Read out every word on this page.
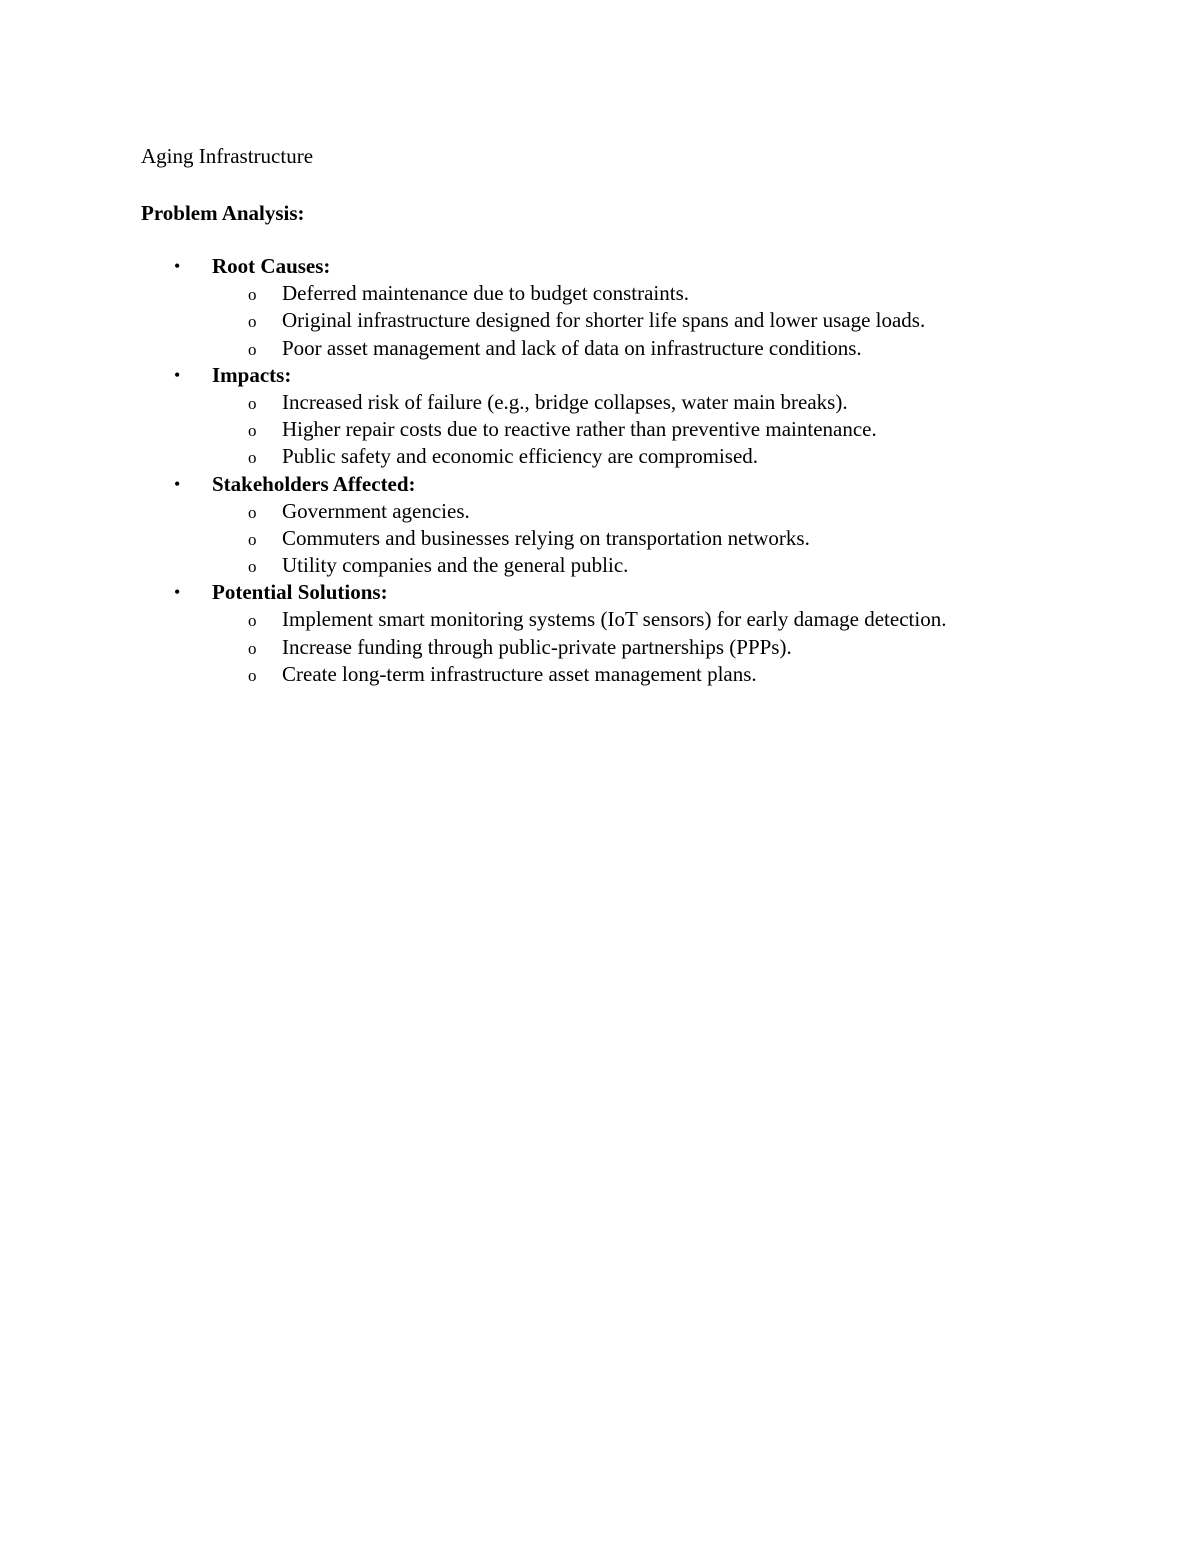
Aging Infrastructure
Problem Analysis:
• Root Causes:
o Deferred maintenance due to budget constraints.
o Original infrastructure designed for shorter life spans and lower usage loads.
o Poor asset management and lack of data on infrastructure conditions.
• Impacts:
o Increased risk of failure (e.g., bridge collapses, water main breaks).
o Higher repair costs due to reactive rather than preventive maintenance.
o Public safety and economic efficiency are compromised.
• Stakeholders Affected:
o Government agencies.
o Commuters and businesses relying on transportation networks.
o Utility companies and the general public.
• Potential Solutions:
o Implement smart monitoring systems (IoT sensors) for early damage detection.
o Increase funding through public-private partnerships (PPPs).
o Create long-term infrastructure asset management plans.
